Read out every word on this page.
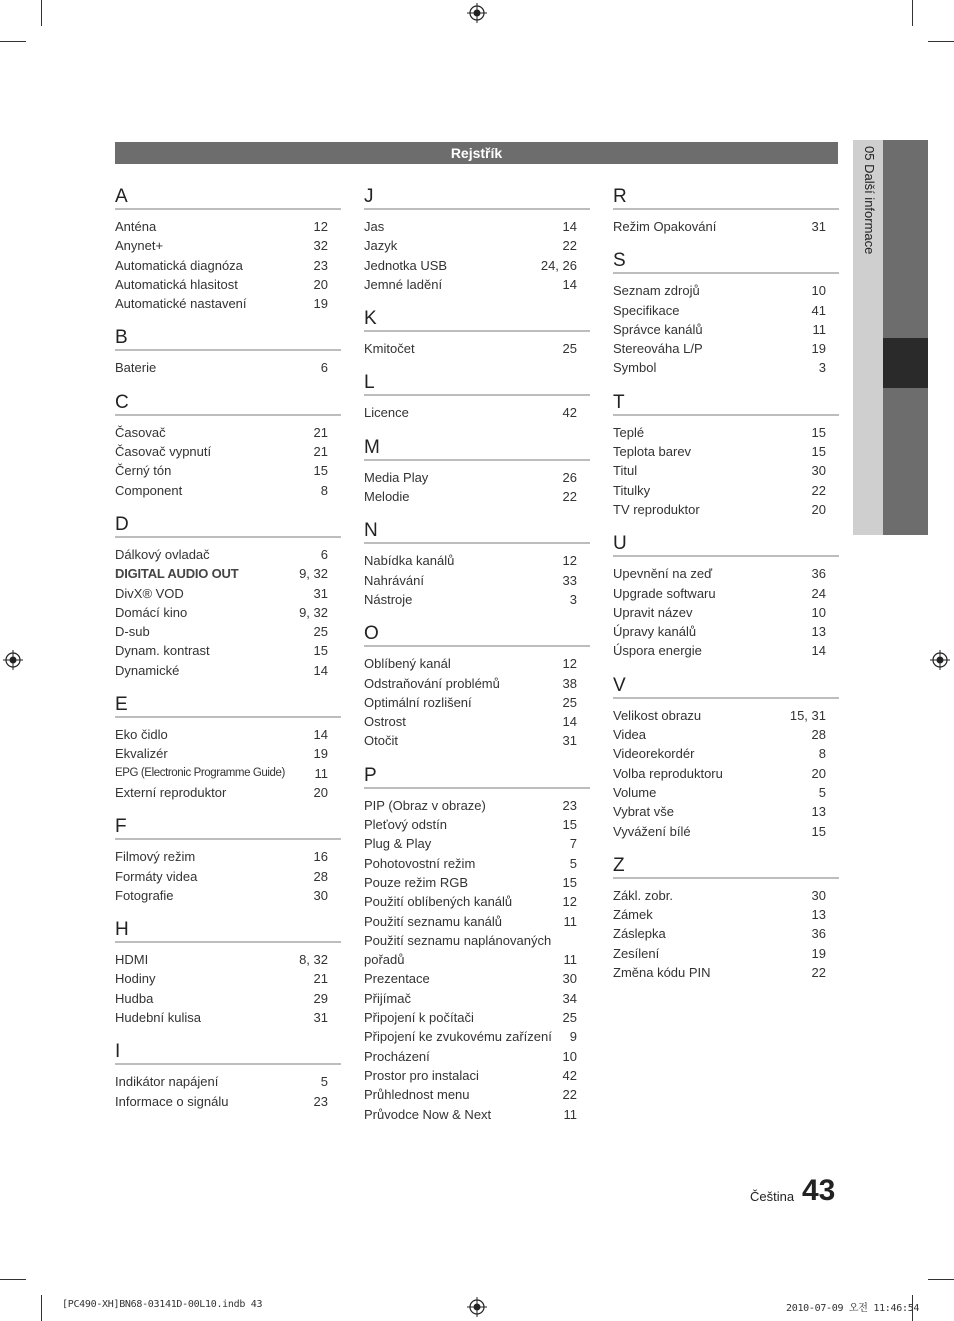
05 Další informace
Rejstřík
A
Anténa	12
Anynet+	32
Automatická diagnóza	23
Automatická hlasitost	20
Automatické nastavení	19
B
Baterie	6
C
Časovač	21
Časovač vypnutí	21
Černý tón	15
Component	8
D
Dálkový ovladač	6
DIGITAL AUDIO OUT	9, 32
DivX® VOD	31
Domácí kino	9, 32
D-sub	25
Dynam. kontrast	15
Dynamické	14
E
Eko čidlo	14
Ekvalizér	19
EPG (Electronic Programme Guide) 11
Externí reproduktor	20
F
Filmový režim	16
Formáty videa	28
Fotografie	30
H
HDMI	8, 32
Hodiny	21
Hudba	29
Hudební kulisa	31
I
Indikátor napájení	5
Informace o signálu	23
J
Jas	14
Jazyk	22
Jednotka USB	24, 26
Jemné ladění	14
K
Kmitočet	25
L
Licence	42
M
Media Play	26
Melodie	22
N
Nabídka kanálů	12
Nahrávání	33
Nástroje	3
O
Oblíbený kanál	12
Odstraňování problémů	38
Optimální rozlišení	25
Ostrost	14
Otočit	31
P
PIP (Obraz v obraze)	23
Pleťový odstín	15
Plug & Play	7
Pohotovostní režim	5
Pouze režim RGB	15
Použití oblíbených kanálů	12
Použití seznamu kanálů	11
Použití seznamu naplánovaných pořadů	11
Prezentace	30
Přijímač	34
Připojení k počítači	25
Připojení ke zvukovému zařízení 9
Procházení	10
Prostor pro instalaci	42
Průhlednost menu	22
Průvodce Now & Next	11
R
Režim Opakování	31
S
Seznam zdrojů	10
Specifikace	41
Správce kanálů	11
Stereováha L/P	19
Symbol	3
T
Teplé	15
Teplota barev	15
Titul	30
Titulky	22
TV reproduktor	20
U
Upevnění na zeď	36
Upgrade softwaru	24
Upravit název	10
Úpravy kanálů	13
Úspora energie	14
V
Velikost obrazu	15, 31
Videa	28
Videorekordér	8
Volba reproduktoru	20
Volume	5
Vybrat vše	13
Vyvážení bílé	15
Z
Zákl. zobr.	30
Zámek	13
Záslepka	36
Zesílení	19
Změna kódu PIN	22
Čeština 43
[PC490-XH]BN68-03141D-00L10.indb 43	2010-07-09 오전 11:46:54
